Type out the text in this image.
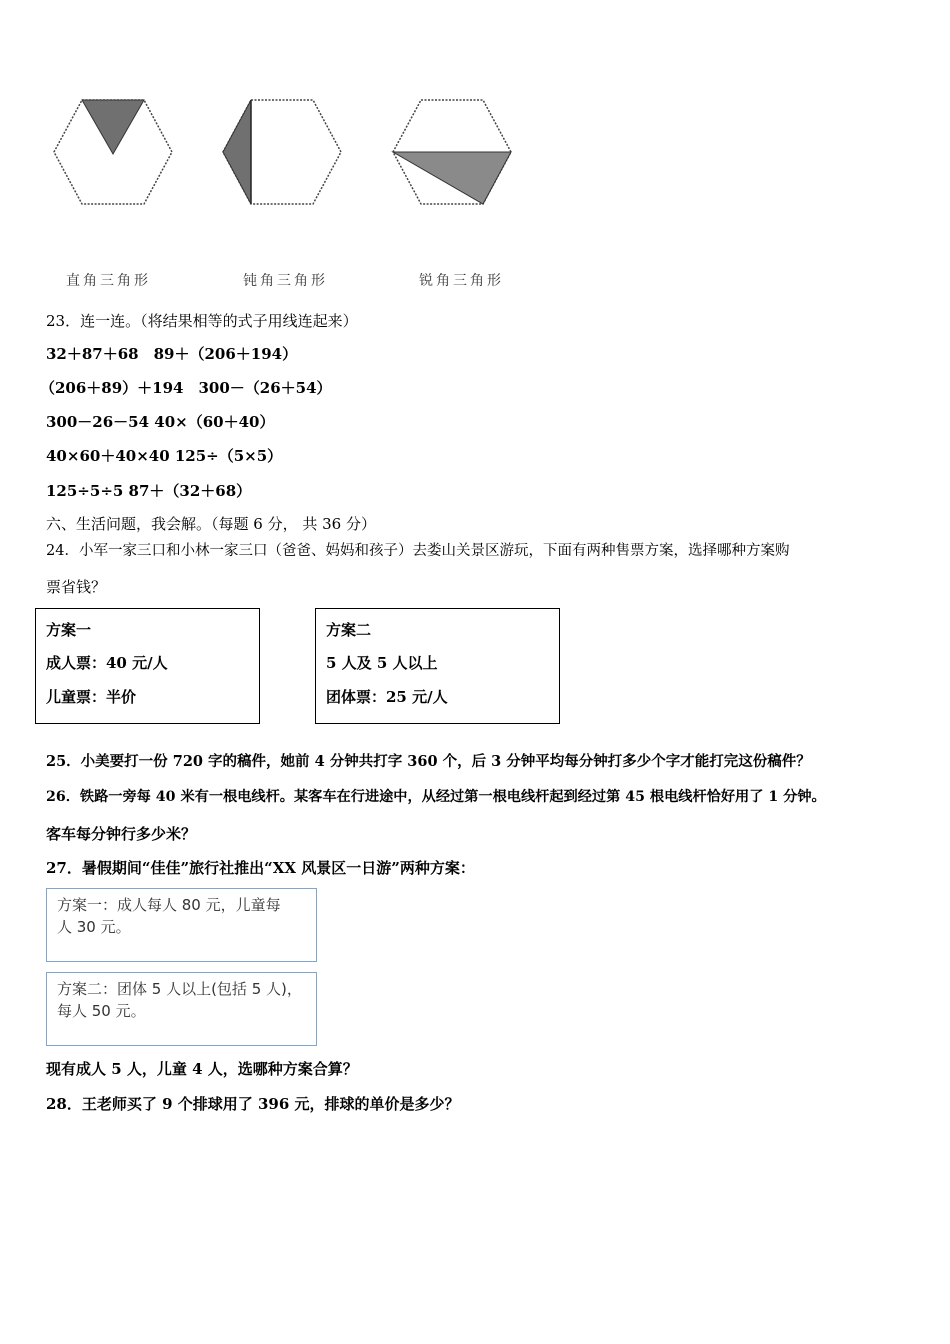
直角三角形	钝角三角形	锐角三角形
23．连一连。（将结果相等的式子用线连起来）
32＋87＋68　89＋（206＋194）
（206＋89）＋194　300－（26＋54）
300－26－54 40×（60＋40）
40×60＋40×40 125÷（5×5）
125÷5÷5 87＋（32＋68）
六、生活问题，我会解。（每题 6 分， 共 36 分）
24．小军一家三口和小林一家三口（爸爸、妈妈和孩子）去娄山关景区游玩，下面有两种售票方案，选择哪种方案购
票省钱？
方案一
成人票：40 元/人
儿童票：半价
方案二
5 人及 5 人以上
团体票：25 元/人
25．小美要打一份 720 字的稿件，她前 4 分钟共打字 360 个，后 3 分钟平均每分钟打多少个字才能打完这份稿件？
26．铁路一旁每 40 米有一根电线杆。某客车在行进途中，从经过第一根电线杆起到经过第 45 根电线杆恰好用了 1 分钟。
客车每分钟行多少米？
27．暑假期间“佳佳”旅行社推出“XX 风景区一日游”两种方案：
方案一：成人每人 80 元，儿童每
人 30 元。
方案二：团体 5 人以上(包括 5 人)，
每人 50 元。
现有成人 5 人，儿童 4 人，选哪种方案合算？
28．王老师买了 9 个排球用了 396 元，排球的单价是多少？
